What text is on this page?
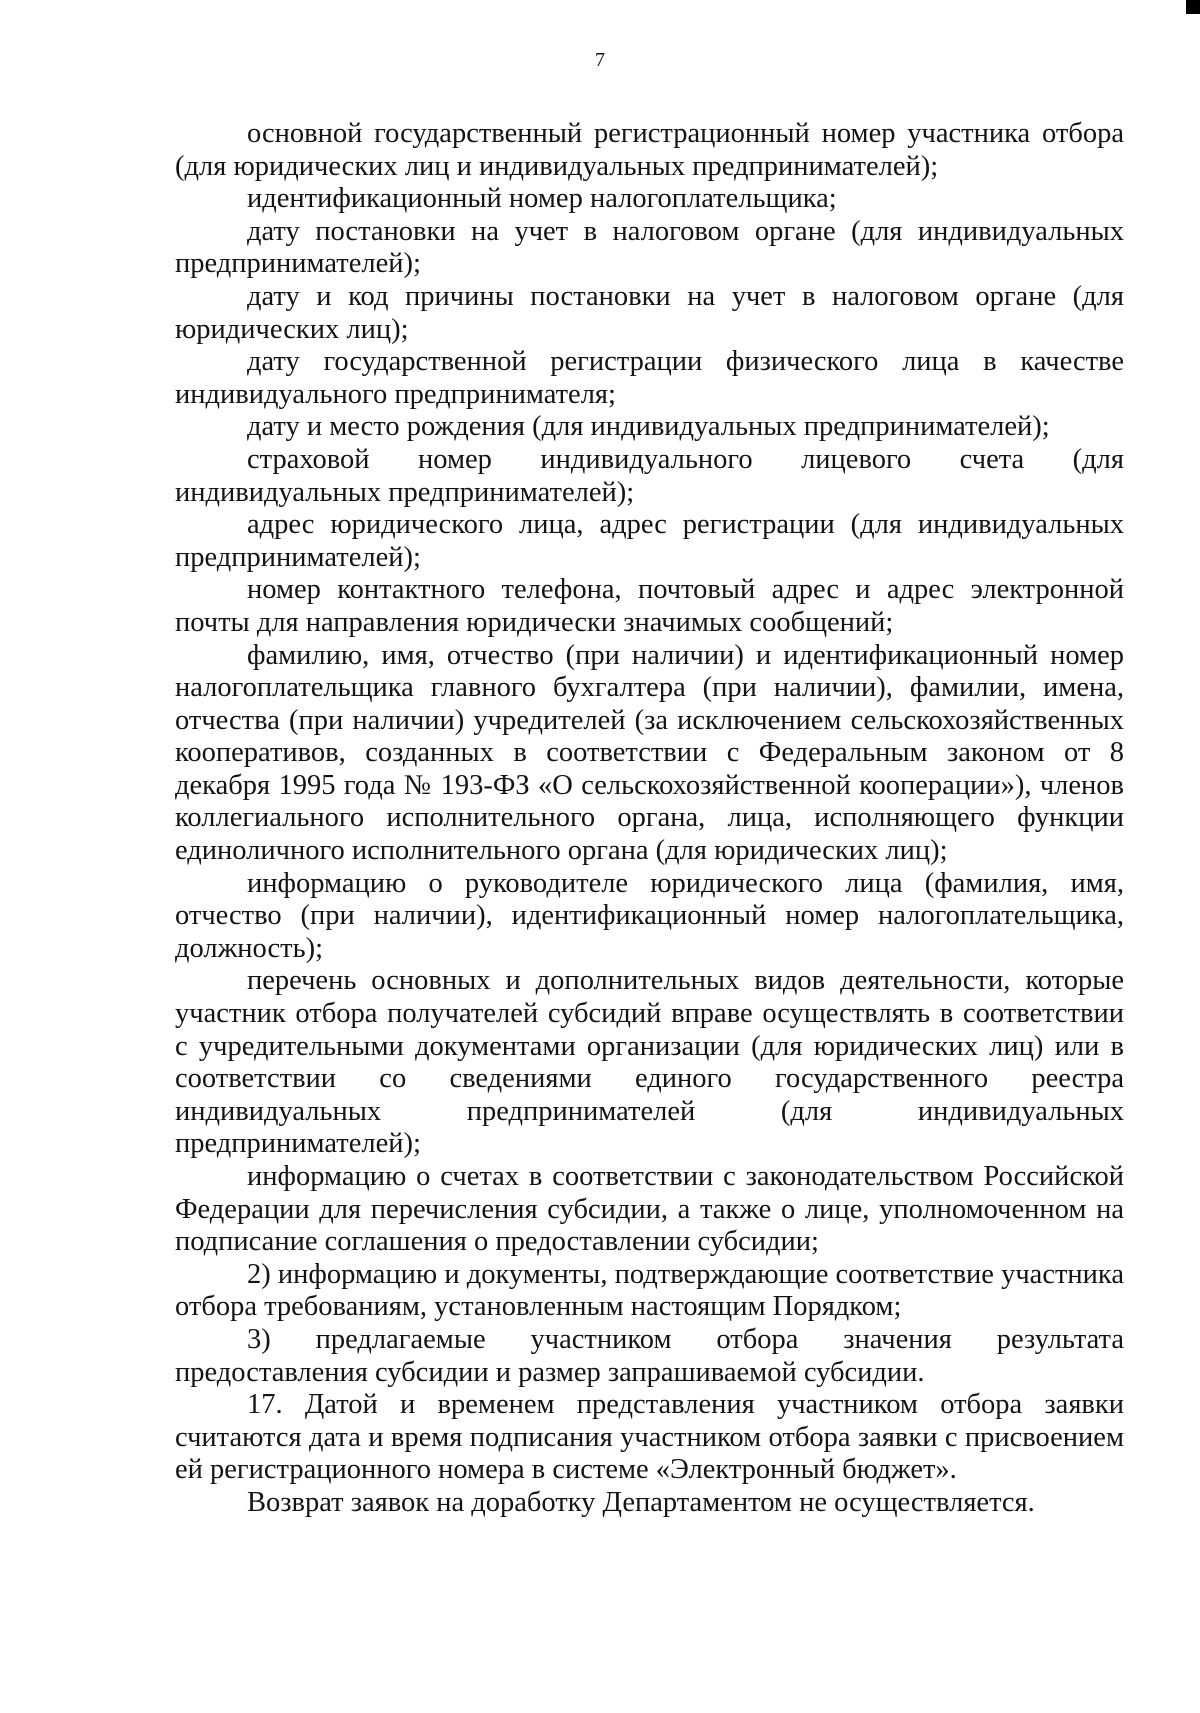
7

основной государственный регистрационный номер участника отбора (для юридических лиц и индивидуальных предпринимателей);

идентификационный номер налогоплательщика;

дату постановки на учет в налоговом органе (для индивидуальных предпринимателей);

дату и код причины постановки на учет в налоговом органе (для юридических лиц);

дату государственной регистрации физического лица в качестве индивидуального предпринимателя;

дату и место рождения (для индивидуальных предпринимателей);

страховой номер индивидуального лицевого счета (для индивидуальных предпринимателей);

адрес юридического лица, адрес регистрации (для индивидуальных предпринимателей);

номер контактного телефона, почтовый адрес и адрес электронной почты для направления юридически значимых сообщений;

фамилию, имя, отчество (при наличии) и идентификационный номер налогоплательщика главного бухгалтера (при наличии), фамилии, имена, отчества (при наличии) учредителей (за исключением сельскохозяйственных кооперативов, созданных в соответствии с Федеральным законом от 8 декабря 1995 года № 193-ФЗ «О сельскохозяйственной кооперации»), членов коллегиального исполнительного органа, лица, исполняющего функции единоличного исполнительного органа (для юридических лиц);

информацию о руководителе юридического лица (фамилия, имя, отчество (при наличии), идентификационный номер налогоплательщика, должность);

перечень основных и дополнительных видов деятельности, которые участник отбора получателей субсидий вправе осуществлять в соответствии с учредительными документами организации (для юридических лиц) или в соответствии со сведениями единого государственного реестра индивидуальных предпринимателей (для индивидуальных предпринимателей);

информацию о счетах в соответствии с законодательством Российской Федерации для перечисления субсидии, а также о лице, уполномоченном на подписание соглашения о предоставлении субсидии;

2) информацию и документы, подтверждающие соответствие участника отбора требованиям, установленным настоящим Порядком;

3) предлагаемые участником отбора значения результата предоставления субсидии и размер запрашиваемой субсидии.

17. Датой и временем представления участником отбора заявки считаются дата и время подписания участником отбора заявки с присвоением ей регистрационного номера в системе «Электронный бюджет».

Возврат заявок на доработку Департаментом не осуществляется.
